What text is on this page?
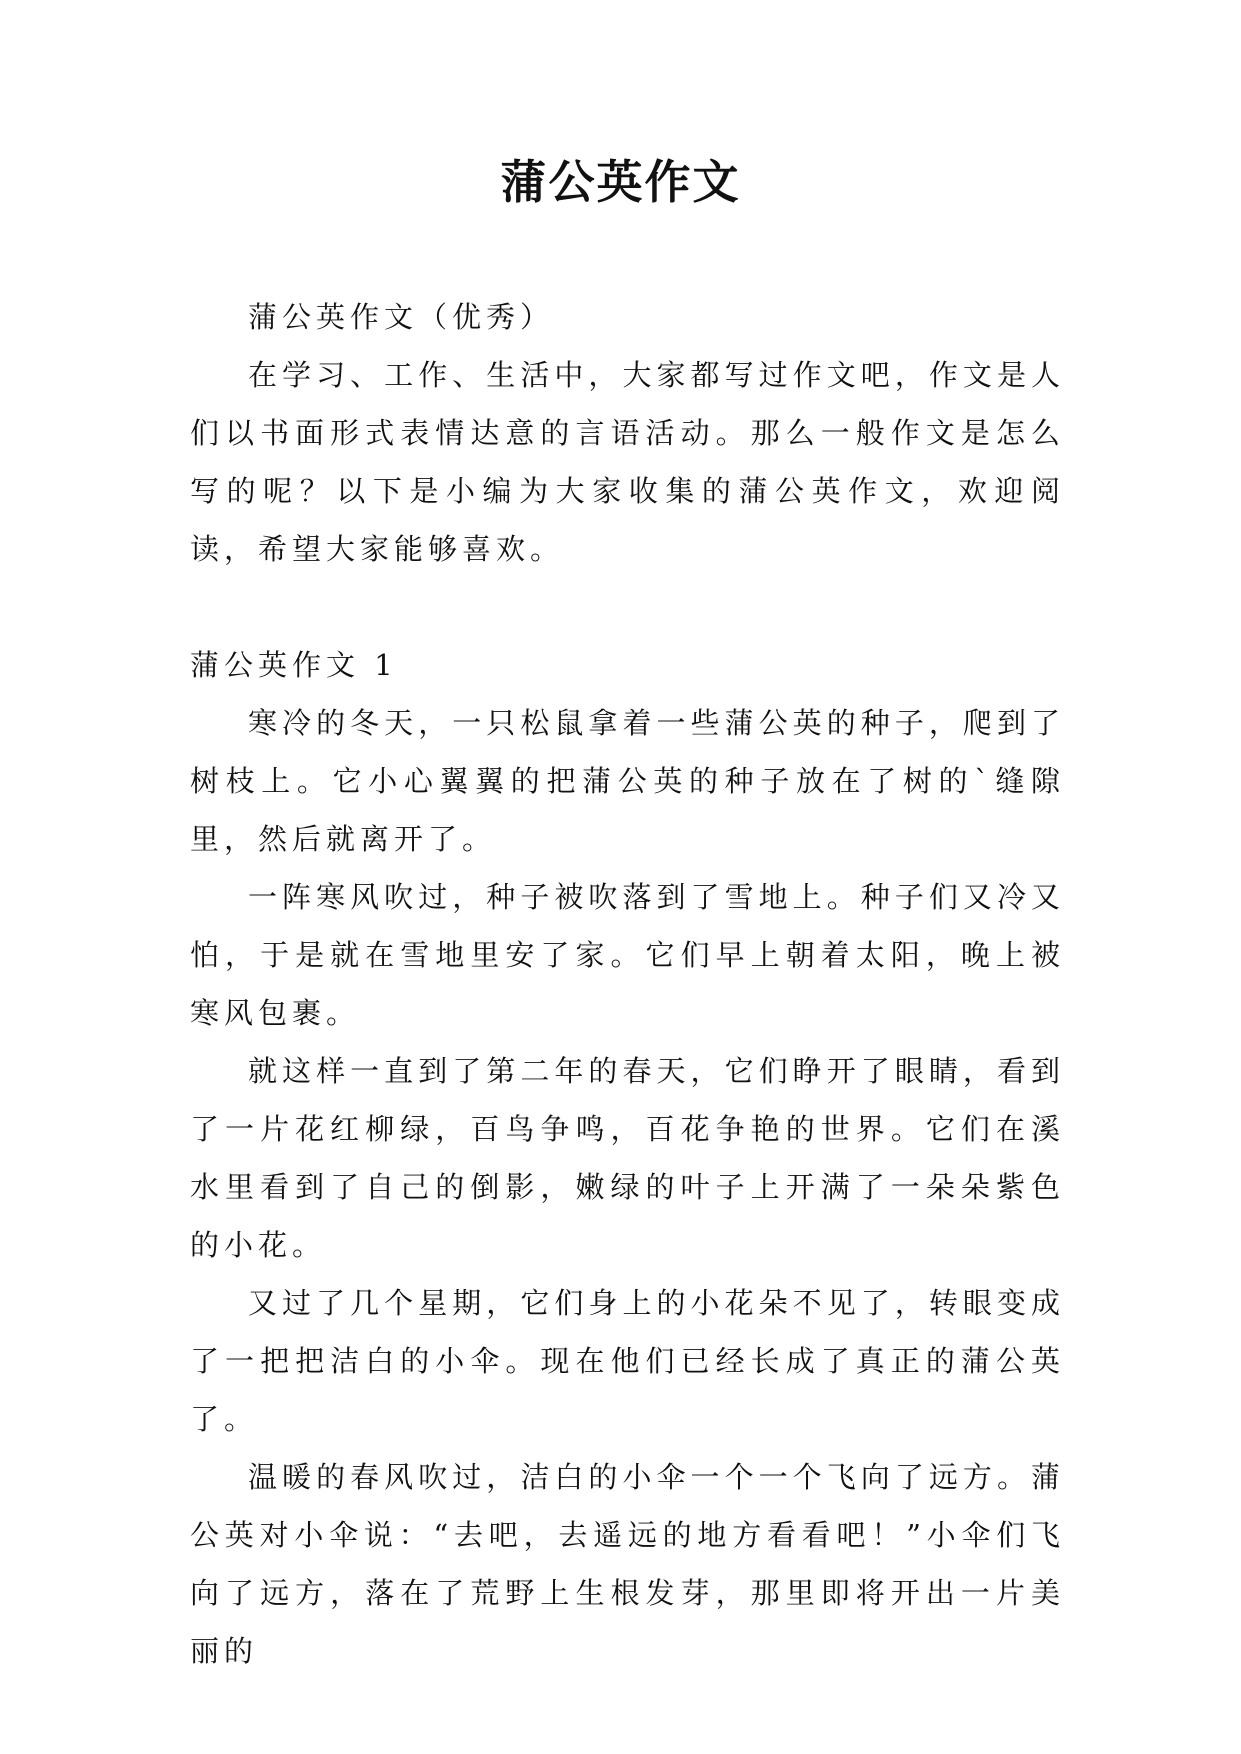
蒲公英作文

蒲公英作文（优秀）

在学习、工作、生活中，大家都写过作文吧，作文是人们以书面形式表情达意的言语活动。那么一般作文是怎么写的呢？以下是小编为大家收集的蒲公英作文，欢迎阅读，希望大家能够喜欢。

蒲公英作文 1

寒冷的冬天，一只松鼠拿着一些蒲公英的种子，爬到了树枝上。它小心翼翼的把蒲公英的种子放在了树的`缝隙里，然后就离开了。

一阵寒风吹过，种子被吹落到了雪地上。种子们又冷又怕，于是就在雪地里安了家。它们早上朝着太阳，晚上被寒风包裹。

就这样一直到了第二年的春天，它们睁开了眼睛，看到了一片花红柳绿，百鸟争鸣，百花争艳的世界。它们在溪水里看到了自己的倒影，嫩绿的叶子上开满了一朵朵紫色的小花。

又过了几个星期，它们身上的小花朵不见了，转眼变成了一把把洁白的小伞。现在他们已经长成了真正的蒲公英了。

温暖的春风吹过，洁白的小伞一个一个飞向了远方。蒲公英对小伞说：“去吧，去遥远的地方看看吧！”小伞们飞向了远方，落在了荒野上生根发芽，那里即将开出一片美丽的
